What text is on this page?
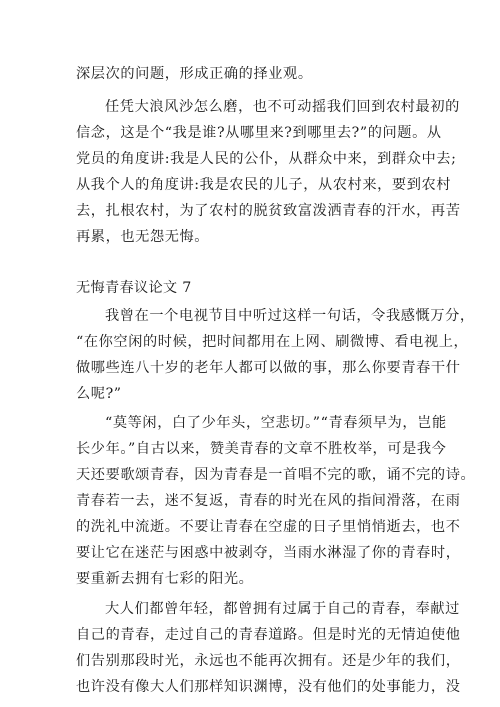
深层次的问题，形成正确的择业观。
任凭大浪风沙怎么磨，也不可动摇我们回到农村最初的
信念，这是个“我是谁?从哪里来?到哪里去?”的问题。从
党员的角度讲:我是人民的公仆，从群众中来，到群众中去;
从我个人的角度讲:我是农民的儿子，从农村来，要到农村
去，扎根农村，为了农村的脱贫致富泼洒青春的汗水，再苦
再累，也无怨无悔。
无悔青春议论文 7
我曾在一个电视节目中听过这样一句话，令我感慨万分，
“在你空闲的时候，把时间都用在上网、刷微博、看电视上，
做哪些连八十岁的老年人都可以做的事，那么你要青春干什
么呢?”
“莫等闲，白了少年头，空悲切。”“青春须早为，岂能
长少年。”自古以来，赞美青春的文章不胜枚举，可是我今
天还要歌颂青春，因为青春是一首唱不完的歌，诵不完的诗。
青春若一去，迷不复返，青春的时光在风的指间滑落，在雨
的洗礼中流逝。不要让青春在空虚的日子里悄悄逝去，也不
要让它在迷茫与困惑中被剥夺，当雨水淋湿了你的青春时，
要重新去拥有七彩的阳光。
大人们都曾年轻，都曾拥有过属于自己的青春，奉献过
自己的青春，走过自己的青春道路。但是时光的无情迫使他
们告别那段时光，永远也不能再次拥有。还是少年的我们，
也许没有像大人们那样知识渊博，没有他们的处事能力，没
